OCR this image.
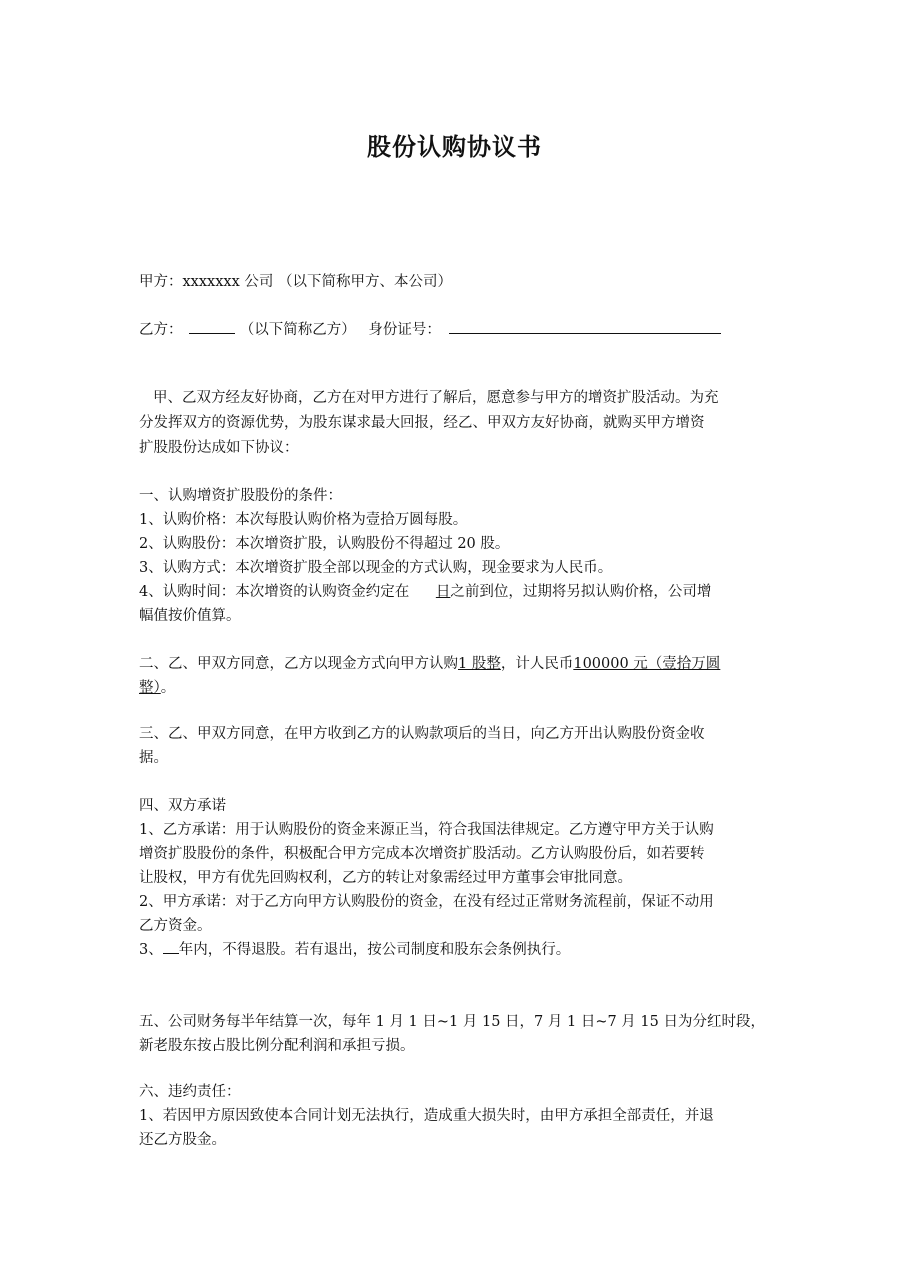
股份认购协议书
甲方：xxxxxxx 公司 （以下简称甲方、本公司）
乙方：	（以下简称乙方） 身份证号：
甲、乙双方经友好协商，乙方在对甲方进行了解后，愿意参与甲方的增资扩股活动。为充
分发挥双方的资源优势，为股东谋求最大回报，经乙、甲双方友好协商，就购买甲方增资
扩股股份达成如下协议：
一、认购增资扩股股份的条件：
1、认购价格：本次每股认购价格为壹拾万圆每股。
2、认购股份：本次增资扩股，认购股份不得超过 20 股。
3、认购方式：本次增资扩股全部以现金的方式认购，现金要求为人民币。
4、认购时间：本次增资的认购资金约定在 日之前到位，过期将另拟认购价格，公司增
幅值按价值算。
二、乙、甲双方同意，乙方以现金方式向甲方认购1 股整，计人民币100000 元（壹拾万圆
整）。
三、乙、甲双方同意，在甲方收到乙方的认购款项后的当日，向乙方开出认购股份资金收
据。
四、双方承诺
1、乙方承诺：用于认购股份的资金来源正当，符合我国法律规定。乙方遵守甲方关于认购
增资扩股股份的条件，积极配合甲方完成本次增资扩股活动。乙方认购股份后，如若要转
让股权，甲方有优先回购权利，乙方的转让对象需经过甲方董事会审批同意。
2、甲方承诺：对于乙方向甲方认购股份的资金，在没有经过正常财务流程前，保证不动用
乙方资金。
3、 年内，不得退股。若有退出，按公司制度和股东会条例执行。
五、公司财务每半年结算一次，每年 1 月 1 日~1 月 15 日，7 月 1 日~7 月 15 日为分红时段，
新老股东按占股比例分配利润和承担亏损。
六、违约责任：
1、若因甲方原因致使本合同计划无法执行，造成重大损失时，由甲方承担全部责任，并退
还乙方股金。
